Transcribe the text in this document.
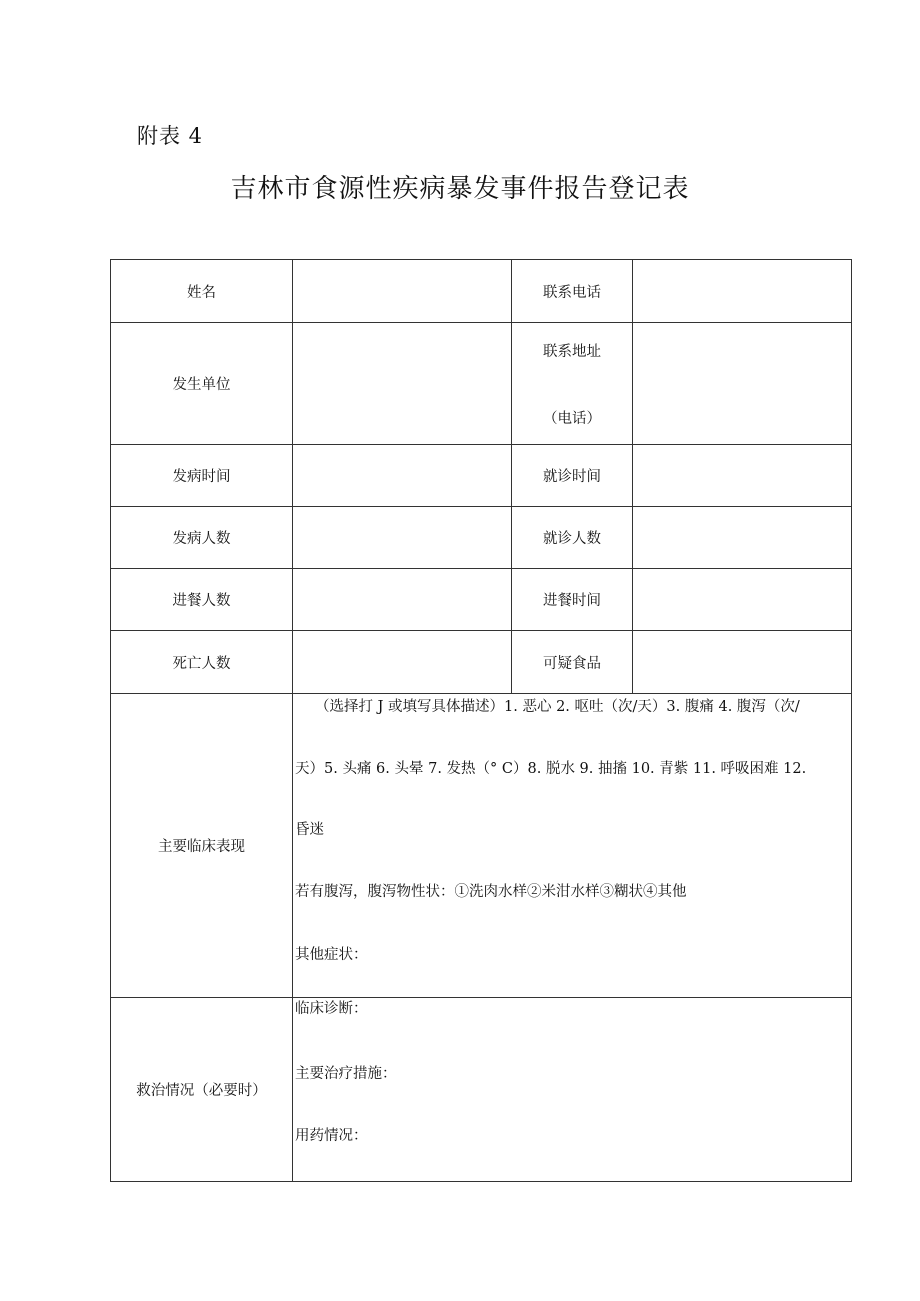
附表 4
吉林市食源性疾病暴发事件报告登记表
姓名		联系电话	
发生单位		联系地址
（电话）	

发病时间		就诊时间	
发病人数		就诊人数	
进餐人数		进餐时间	
死亡人数		可疑食品	
主要临床表现	（选择打 J 或填写具体描述）1. 恶心 2. 呕吐（次/天）3. 腹痛 4. 腹泻（次/

天）5. 头痛 6. 头晕 7. 发热（° C）8. 脱水 9. 抽搐 10. 青紫 11. 呼吸困难 12.

昏迷

若有腹泻，腹泻物性状：①洗肉水样②米泔水样③糊状④其他

其他症状：		

救治情况（必要时）	临床诊断：

主要治疗措施：

用药情况：		
